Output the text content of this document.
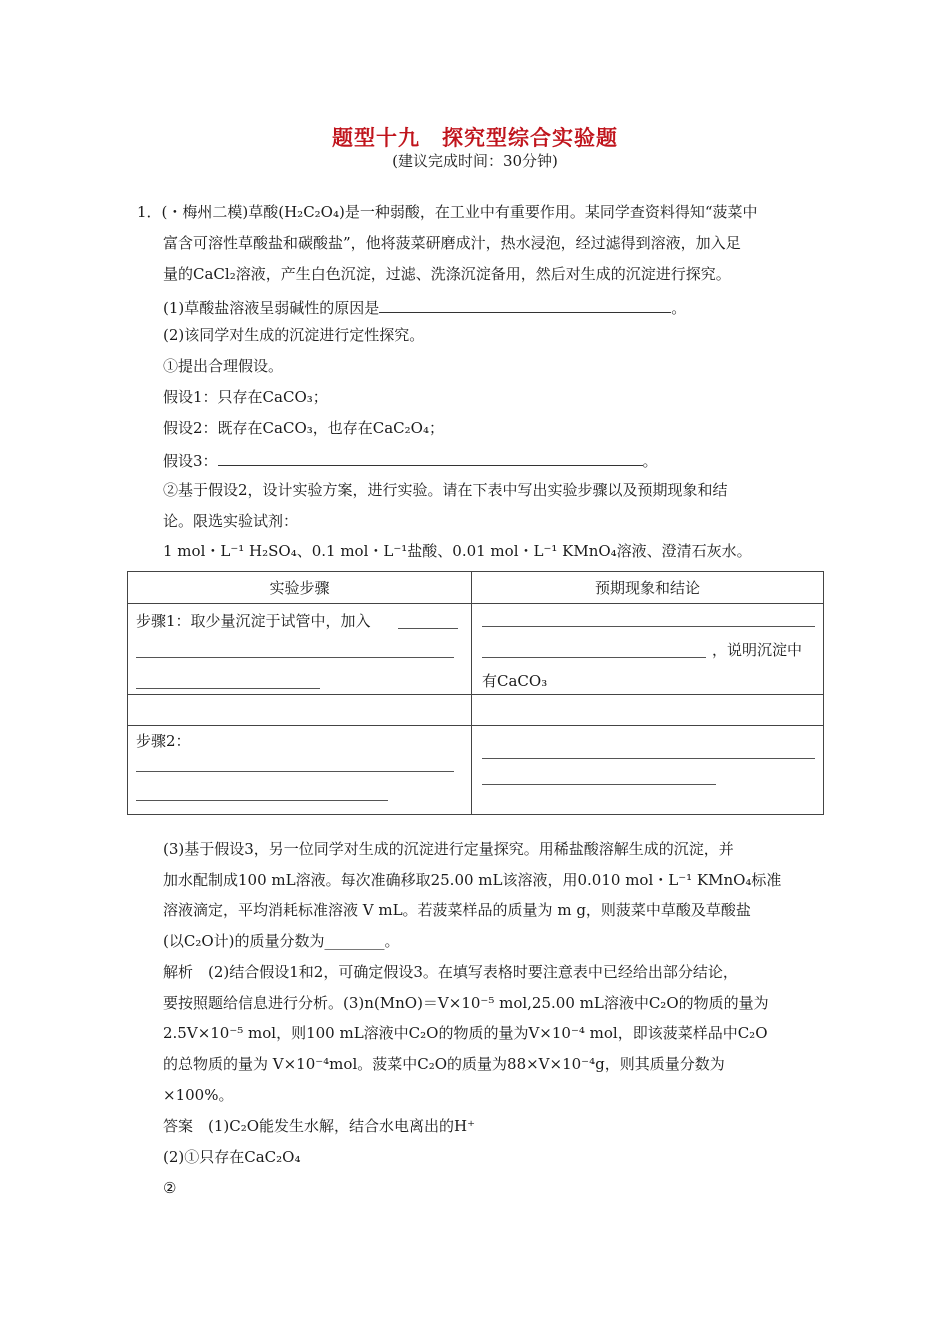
题型十九　探究型综合实验题
(建议完成时间：30分钟)
1．(・梅州二模)草酸(H₂C₂O₄)是一种弱酸，在工业中有重要作用。某同学查资料得知“菠菜中
富含可溶性草酸盐和碳酸盐”，他将菠菜研磨成汁，热水浸泡，经过滤得到溶液，加入足
量的CaCl₂溶液，产生白色沉淀，过滤、洗涤沉淀备用，然后对生成的沉淀进行探究。
(1)草酸盐溶液呈弱碱性的原因是	。
(2)该同学对生成的沉淀进行定性探究。
①提出合理假设。
假设1：只存在CaCO₃；
假设2：既存在CaCO₃，也存在CaC₂O₄；
假设3：	。
②基于假设2，设计实验方案，进行实验。请在下表中写出实验步骤以及预期现象和结
论。限选实验试剂：
1 mol・L⁻¹ H₂SO₄、0.1 mol・L⁻¹盐酸、0.01 mol・L⁻¹ KMnO₄溶液、澄清石灰水。
实验步骤	预期现象和结论

步骤1：取少量沉淀于试管中，加入	，说明沉淀中
有CaCO₃

步骤2：	

(3)基于假设3，另一位同学对生成的沉淀进行定量探究。用稀盐酸溶解生成的沉淀，并
加水配制成100 mL溶液。每次准确移取25.00 mL该溶液，用0.010 mol・L⁻¹ KMnO₄标准
溶液滴定，平均消耗标准溶液 V mL。若菠菜样品的质量为 m g，则菠菜中草酸及草酸盐
(以C₂O计)的质量分数为________。
解析　(2)结合假设1和2，可确定假设3。在填写表格时要注意表中已经给出部分结论，
要按照题给信息进行分析。(3)n(MnO)＝V×10⁻⁵ mol,25.00 mL溶液中C₂O的物质的量为
2.5V×10⁻⁵ mol，则100 mL溶液中C₂O的物质的量为V×10⁻⁴ mol，即该菠菜样品中C₂O
的总物质的量为 V×10⁻⁴mol。菠菜中C₂O的质量为88×V×10⁻⁴g，则其质量分数为
×100%。
答案　(1)C₂O能发生水解，结合水电离出的H⁺
(2)①只存在CaC₂O₄
②
